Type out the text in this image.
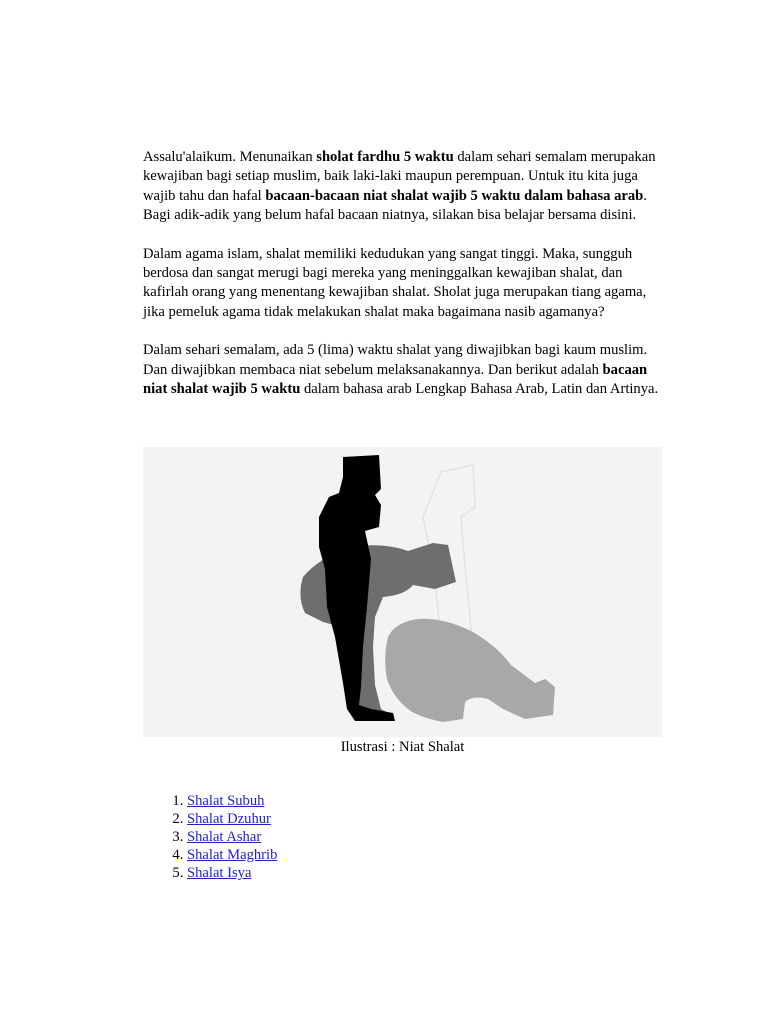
Assalu'alaikum. Menunaikan sholat fardhu 5 waktu dalam sehari semalam merupakan kewajiban bagi setiap muslim, baik laki-laki maupun perempuan. Untuk itu kita juga wajib tahu dan hafal bacaan-bacaan niat shalat wajib 5 waktu dalam bahasa arab. Bagi adik-adik yang belum hafal bacaan niatnya, silakan bisa belajar bersama disini.

Dalam agama islam, shalat memiliki kedudukan yang sangat tinggi. Maka, sungguh berdosa dan sangat merugi bagi mereka yang meninggalkan kewajiban shalat, dan kafirlah orang yang menentang kewajiban shalat. Sholat juga merupakan tiang agama, jika pemeluk agama tidak melakukan shalat maka bagaimana nasib agamanya?

Dalam sehari semalam, ada 5 (lima) waktu shalat yang diwajibkan bagi kaum muslim. Dan diwajibkan membaca niat sebelum melaksanakannya. Dan berikut adalah bacaan niat shalat wajib 5 waktu dalam bahasa arab Lengkap Bahasa Arab, Latin dan Artinya.

Ilustrasi : Niat Shalat
1. Shalat Subuh
2. Shalat Dzuhur
3. Shalat Ashar
4. Shalat Maghrib
5. Shalat Isya
